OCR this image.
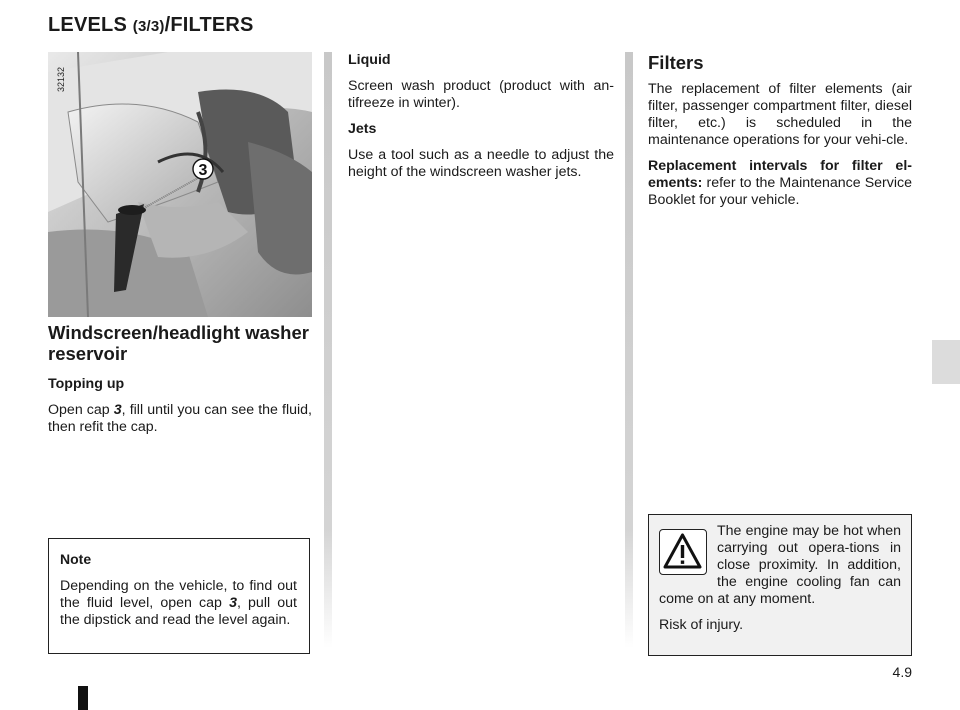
LEVELS (3/3)/FILTERS
3
32132

Windscreen/headlight washer reservoir

Topping up

Open cap 3, fill until you can see the fluid, then refit the cap.

Note

Depending on the vehicle, to find out the fluid level, open cap 3, pull out the dipstick and read the level again.

Liquid

Screen wash product (product with an-tifreeze in winter).

Jets

Use a tool such as a needle to adjust the height of the windscreen washer jets.

Filters

The replacement of filter elements (air filter, passenger compartment filter, diesel filter, etc.) is scheduled in the maintenance operations for your vehi-cle.

Replacement intervals for filter el-ements: refer to the Maintenance Service Booklet for your vehicle.

The engine may be hot when carrying out opera-tions in close proximity. In addition, the engine cooling fan can come on at any moment.

Risk of injury.

4.9
